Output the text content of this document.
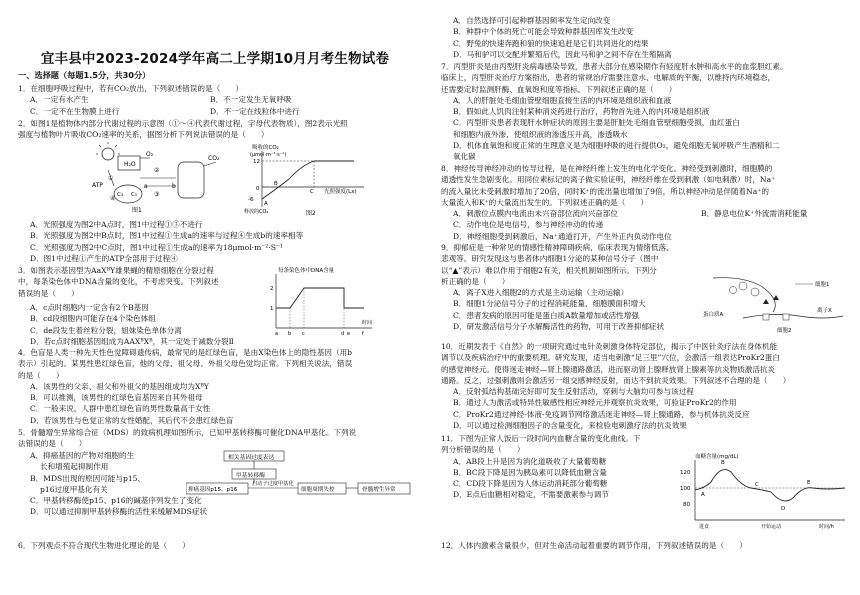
宜丰县中2023-2024学年高二上学期10月月考生物试卷
一、选择题（每题1.5分，共30分）
1．在细胞呼吸过程中，若有CO₂放出，下列叙述错误的是（　　）
A．一定有水产生	B．不一定发生无氧呼吸
C．一定不在生物膜上进行	D．不一定在线粒体中进行
2．如图1是植物体内部分代谢过程的示意图（①～④代表代谢过程，字母代表物质），图2表示光照
强度与植物叶片吸收CO₂速率的关系，据图分析下列说法错误的是（　　）
H₂O
O₂
ATP
①
②
③
④ C₃ C₅
a	b
CO₂
图1
吸收的CO₂
(μmol·m⁻²·s⁻¹)
12
0
-6
A
B
C 光照强度(Lx)
释放的CO₂	图2
A．光照强度为图2中A点时，图1中过程①③不进行
B．光照强度为图2中B点时，图1中过程①生成a的速率与过程④生成b的速率相等
C．光照强度为图2中C点时，图1中过程①生成a的速率为18μmol·m⁻²·S⁻¹
D．图1中过程①产生的ATP全部用于过程④
3．如图表示基因型为AaXᴮY雄果蝇的精原细胞在分裂过程
中，每条染色体中DNA含量的变化，不考虑突变。下列叙述
错误的是（　　）
A．c点时细胞内一定含有2个B基因
B．cd段细胞内可能存在4个染色体组
C．de段发生着丝粒分裂，姐妹染色单体分离
D．若c点时细胞基因组成为AAXᴮXᴮ，其一定处于减数分裂Ⅱ
每条染色体中DNA含量
2
1
a b c	d e f
时间
4．色盲是人类一种先天性色觉障碍遗传病，最常见的是红绿色盲，是由X染色体上的隐性基因（用b
表示）引起的。某男性患红绿色盲，他的父母、祖父母、外祖父母色觉均正常。下列相关说法，错误
的是（　　）
A．该男性的父亲、祖父和外祖父的基因组成均为XᴮY
B．可以推测，该男性的红绿色盲基因来自其外祖母
C．一般来说，人群中患红绿色盲的男性数量高于女性
D．若该男性与色觉正常的女性婚配，其后代不会患红绿色盲
5．骨髓增生异常综合征（MDS）的致病机理如图所示，已知甲基转移酶可催化DNA甲基化。下列说
法错误的是（　　）
A．抑癌基因的产物对细胞的生
长和增殖起抑制作用
B．MDS出现的原因可能与p15、
p16过度甲基化有关
C．甲基转移酶使p15、p16的碱基序列发生了变化
D．可以通过抑制甲基转移酶的活性来缓解MDS症状
相关基因过度表达
甲基转移酶
抑癌基因p15、p16
启动子过度甲基化
细胞周期失控	骨髓增生异常
6．下列观点不符合现代生物进化理论的是（　　）
A．自然选择可引起种群基因频率发生定向改变
B．种群中个体的死亡可能会导致种群基因库发生改变
C．野兔的快速奔跑和狼的快速追赶是它们共同进化的结果
D．马和驴可以交配并繁殖后代，因此马和驴之间不存在生殖隔离
7．丙型肝炎是由丙型肝炎病毒感染导致，患者大部分在感染期作有轻度肝水肿和高水平的血浆胆红素。
临床上，丙型肝炎治疗方案指出，患者的常规治疗需要注意水、电解质的平衡，以维持内环境稳态，
还需要定时监测肝酶、血氧饱和度等指标。下列叙述正确的是（　　）
A．人的肝脏处毛细血管壁细胞直接生活的内环境是组织液和血液
B．假如此人饥肉注射某种消炎药进行治疗，药物首先进入的内环境是组织液
C．丙型肝炎患者表现肝水肿症状的原因主要是肝脏处毛细血管壁细胞受损，血红蛋白
和细胞内液外渗，使组织液的渗透压升高，渗透吸水
D．机体血氧饱和度正常的生理意义是为细胞呼吸的进行提供O₂，避免细胞无氧呼吸产生酒精和二
氧化碳
8．神经传导神经冲动的传导过程，是在神经纤维上发生的电化学变化。神经受到刺激时，细胞膜的
通透性发生急剧变化。用同位素标记的离子做实验证明，神经纤维在受到刺激（如电刺激）时，Na⁺
的流入量比未受刺激时增加了20倍，同时K⁺的流出量也增加了9倍，所以神经冲动是伴随着Na⁺的
大量流入和K⁺的大量流出发生的。下列叙述正确的是（　　）
A．刺激位点膜内电流由未兴奋部位流向兴奋部位	B．静息电位K⁺外流需消耗能量
C．动作电位是电信号，参与神经冲动的传递
D．神经细胞受到刺激后，Na⁺通道打开，产生外正内负动作电位
9．抑郁症是一种常见的情感性精神障碍疾病，临床表现为情绪低落、
悲观等。研究发现这与患者体内细胞1分泌的某种信号分子（图中
以“▲”表示）难以作用于细胞2有关，相关机制如图所示。下列分
析正确的是（　　）
A．离子X进入细胞2的方式是主动运输（主动运输）
B．细胞1分泌信号分子的过程消耗能量、细胞膜面积增大
C．患者发病的原因可能是蛋白质A数量增加或活性增强
D．研发激活信号分子水解酶活性的药物，可用于改善抑郁症状
细胞1
离子X
蛋白质A
细胞2
10．近期发表于《自然》的一项研究通过电针灸刺激身体特定部位，揭示了中医针灸疗法在身体机能
调节以及疾病治疗中的重要机理。研究发现，适当电刺激“足三里”穴位，会激活一组表达ProKr2蛋白
的感觉神经元。使得迷走神经—肾上腺通路激活，进而驱动肾上腺释放肾上腺素等抗炎物质激活抗炎
通路。反之，过强刺激则会激活另一组交感神经反射，而达不到抗炎效果。下列叙述不合理的是（　　）
A．反射弧结构基础完好即可发生反射活动，穿刺与大脑均可参与该过程
B．通过人为激活或特异性敏感性相应神经元并观察抗炎效果，可验证ProKr2的作用
C．ProKr2通过神经-体液-免疫调节网络激活迷走神经—肾上腺通路，参与机体抗炎反应
D．可以通过检测细胞因子的含量变化，来检验电刺激疗法的抗炎效果
11．下图为正常人饭后一段时间内血糖含量的变化曲线。下
列分析错误的是（　　）
A．AB段上升是因为消化道吸收了大量葡萄糖
B．BC段下降是因为胰岛素可以降低血糖含量
C．CD段下降是因为人体运动消耗部分葡萄糖
D．E点后血糖相对稳定，不需要激素参与调节
血糖含量(mg/dL)
120
100
80
A
B
C
D
E
进食	开始运动	时间/h
12．人体内激素含量很少，但对生命活动起着重要的调节作用，下列叙述错误的是（　　）
